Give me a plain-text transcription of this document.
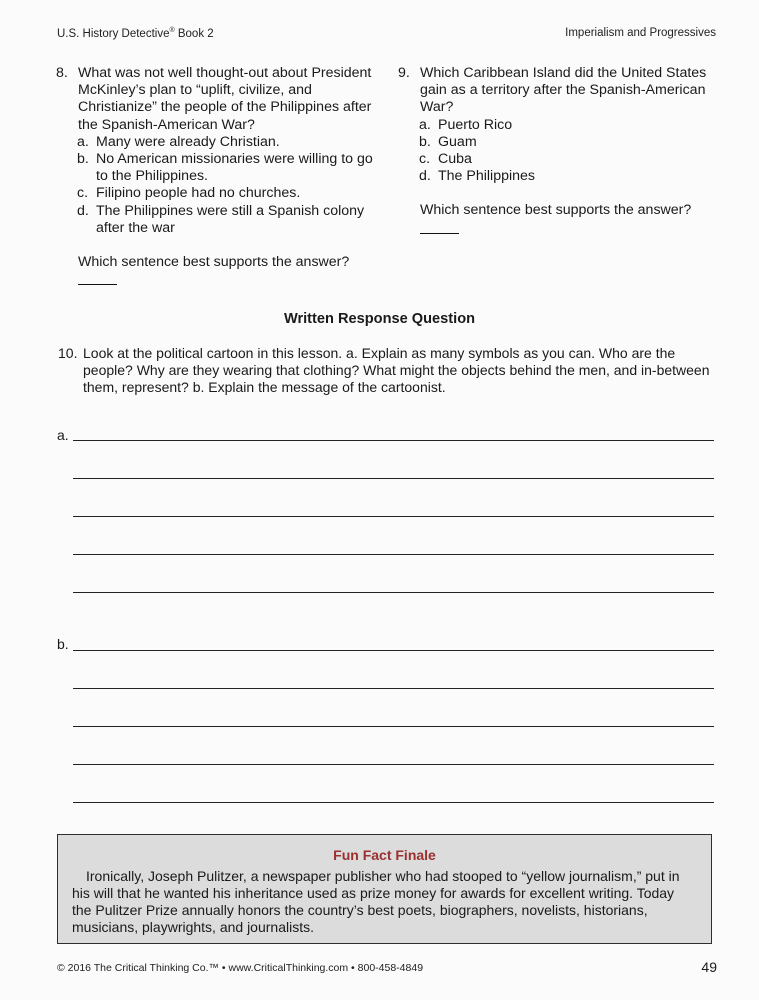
U.S. History Detective® Book 2	Imperialism and Progressives
8. What was not well thought-out about President McKinley’s plan to “uplift, civilize, and Christianize” the people of the Philippines after the Spanish-American War?
a. Many were already Christian.
b. No American missionaries were willing to go to the Philippines.
c. Filipino people had no churches.
d. The Philippines were still a Spanish colony after the war
Which sentence best supports the answer?
9. Which Caribbean Island did the United States gain as a territory after the Spanish-American War?
a. Puerto Rico
b. Guam
c. Cuba
d. The Philippines
Which sentence best supports the answer?
Written Response Question
10. Look at the political cartoon in this lesson. a. Explain as many symbols as you can. Who are the people? Why are they wearing that clothing? What might the objects behind the men, and in-between them, represent? b. Explain the message of the cartoonist.
a.
b.
Fun Fact Finale
Ironically, Joseph Pulitzer, a newspaper publisher who had stooped to “yellow journalism,” put in his will that he wanted his inheritance used as prize money for awards for excellent writing. Today the Pulitzer Prize annually honors the country’s best poets, biographers, novelists, historians, musicians, playwrights, and journalists.
© 2016 The Critical Thinking Co.™ • www.CriticalThinking.com • 800-458-4849	49
